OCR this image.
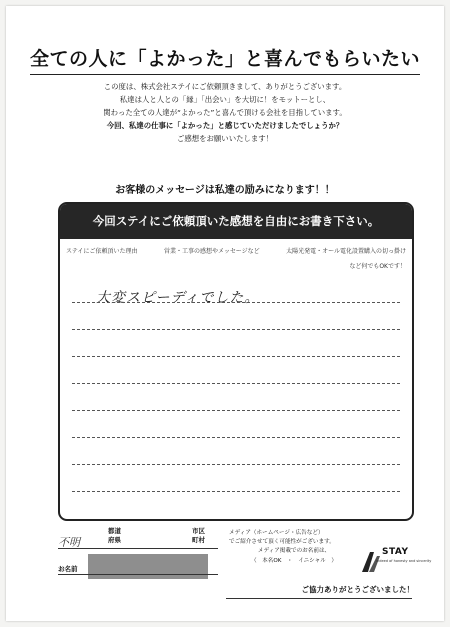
全ての人に「よかった」と喜んでもらいたい
この度は、株式会社ステイにご依頼頂きまして、ありがとうございます。
私達は人と人との「縁」「出会い」を大切に！をモットーとし、
関わった全ての人達が“よかった”と喜んで頂ける会社を目指しています。
今回、私達の仕事に「よかった」と感じていただけましたでしょうか？
ご感想をお願いいたします！
お客様のメッセージは私達の励みになります！！
今回ステイにご依頼頂いた感想を自由にお書き下さい。
ステイにご依頼頂いた理由	営業・工事の感想やメッセージなど	太陽光発電・オール電化設置購入の切っ掛け
など何でもOKです！
大変スピーディでした。
不明
都道
府県
市区
町村
お名前
メディア（ホームページ・広告など）
でご紹介させて頂く可能性がございます。
メディア掲載でのお名前は、
（　本名OK　・　イニシャル　）
STAY
Indeed of honesty and sincerity
ご協力ありがとうございました！
